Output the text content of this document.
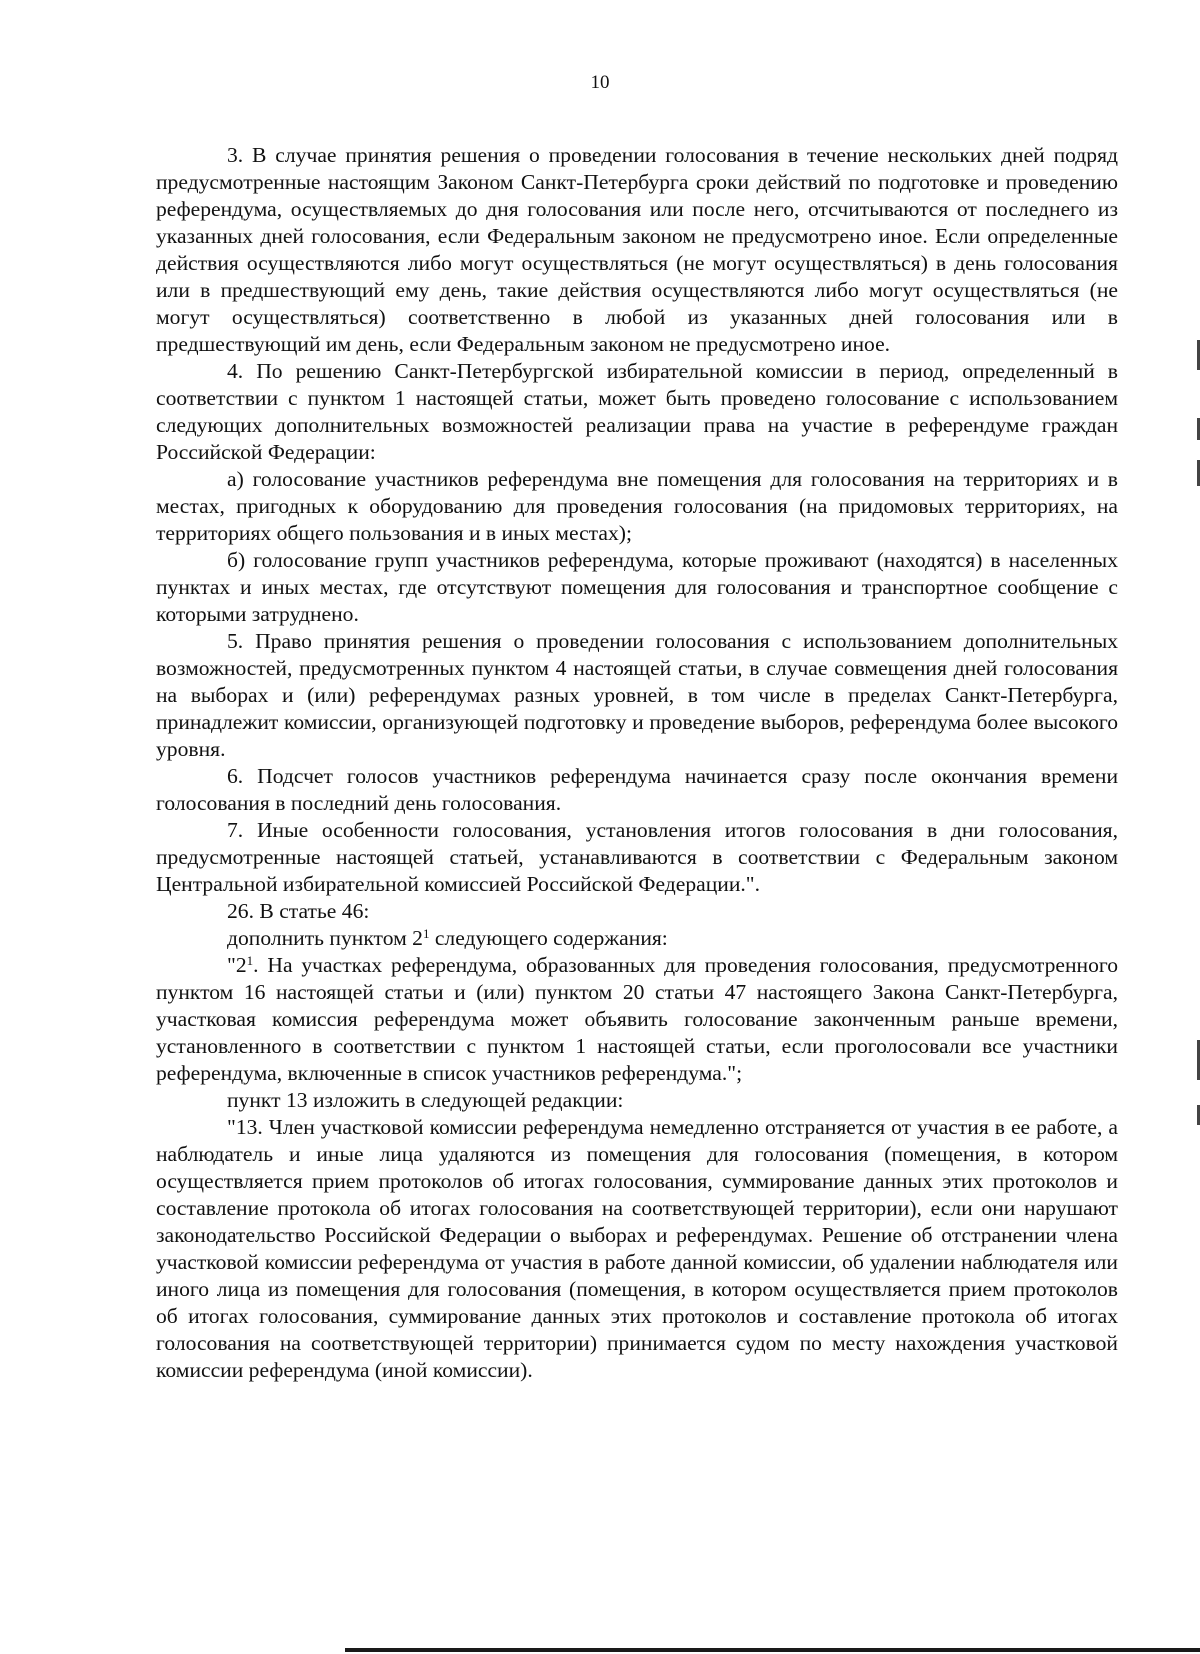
10

3. В случае принятия решения о проведении голосования в течение нескольких дней подряд предусмотренные настоящим Законом Санкт-Петербурга сроки действий по подготовке и проведению референдума, осуществляемых до дня голосования или после него, отсчитываются от последнего из указанных дней голосования, если Федеральным законом не предусмотрено иное. Если определенные действия осуществляются либо могут осуществляться (не могут осуществляться) в день голосования или в предшествующий ему день, такие действия осуществляются либо могут осуществляться (не могут осуществляться) соответственно в любой из указанных дней голосования или в предшествующий им день, если Федеральным законом не предусмотрено иное.

4. По решению Санкт-Петербургской избирательной комиссии в период, определенный в соответствии с пунктом 1 настоящей статьи, может быть проведено голосование с использованием следующих дополнительных возможностей реализации права на участие в референдуме граждан Российской Федерации:

а) голосование участников референдума вне помещения для голосования на территориях и в местах, пригодных к оборудованию для проведения голосования (на придомовых территориях, на территориях общего пользования и в иных местах);

б) голосование групп участников референдума, которые проживают (находятся) в населенных пунктах и иных местах, где отсутствуют помещения для голосования и транспортное сообщение с которыми затруднено.

5. Право принятия решения о проведении голосования с использованием дополнительных возможностей, предусмотренных пунктом 4 настоящей статьи, в случае совмещения дней голосования на выборах и (или) референдумах разных уровней, в том числе в пределах Санкт-Петербурга, принадлежит комиссии, организующей подготовку и проведение выборов, референдума более высокого уровня.

6. Подсчет голосов участников референдума начинается сразу после окончания времени голосования в последний день голосования.

7. Иные особенности голосования, установления итогов голосования в дни голосования, предусмотренные настоящей статьей, устанавливаются в соответствии с Федеральным законом Центральной избирательной комиссией Российской Федерации.".

26. В статье 46:

дополнить пунктом $2^1$ следующего содержания:

"$2^1$. На участках референдума, образованных для проведения голосования, предусмотренного пунктом 16 настоящей статьи и (или) пунктом 20 статьи 47 настоящего Закона Санкт-Петербурга, участковая комиссия референдума может объявить голосование законченным раньше времени, установленного в соответствии с пунктом 1 настоящей статьи, если проголосовали все участники референдума, включенные в список участников референдума.";

пункт 13 изложить в следующей редакции:

"13. Член участковой комиссии референдума немедленно отстраняется от участия в ее работе, а наблюдатель и иные лица удаляются из помещения для голосования (помещения, в котором осуществляется прием протоколов об итогах голосования, суммирование данных этих протоколов и составление протокола об итогах голосования на соответствующей территории), если они нарушают законодательство Российской Федерации о выборах и референдумах. Решение об отстранении члена участковой комиссии референдума от участия в работе данной комиссии, об удалении наблюдателя или иного лица из помещения для голосования (помещения, в котором осуществляется прием протоколов об итогах голосования, суммирование данных этих протоколов и составление протокола об итогах голосования на соответствующей территории) принимается судом по месту нахождения участковой комиссии референдума (иной комиссии).
